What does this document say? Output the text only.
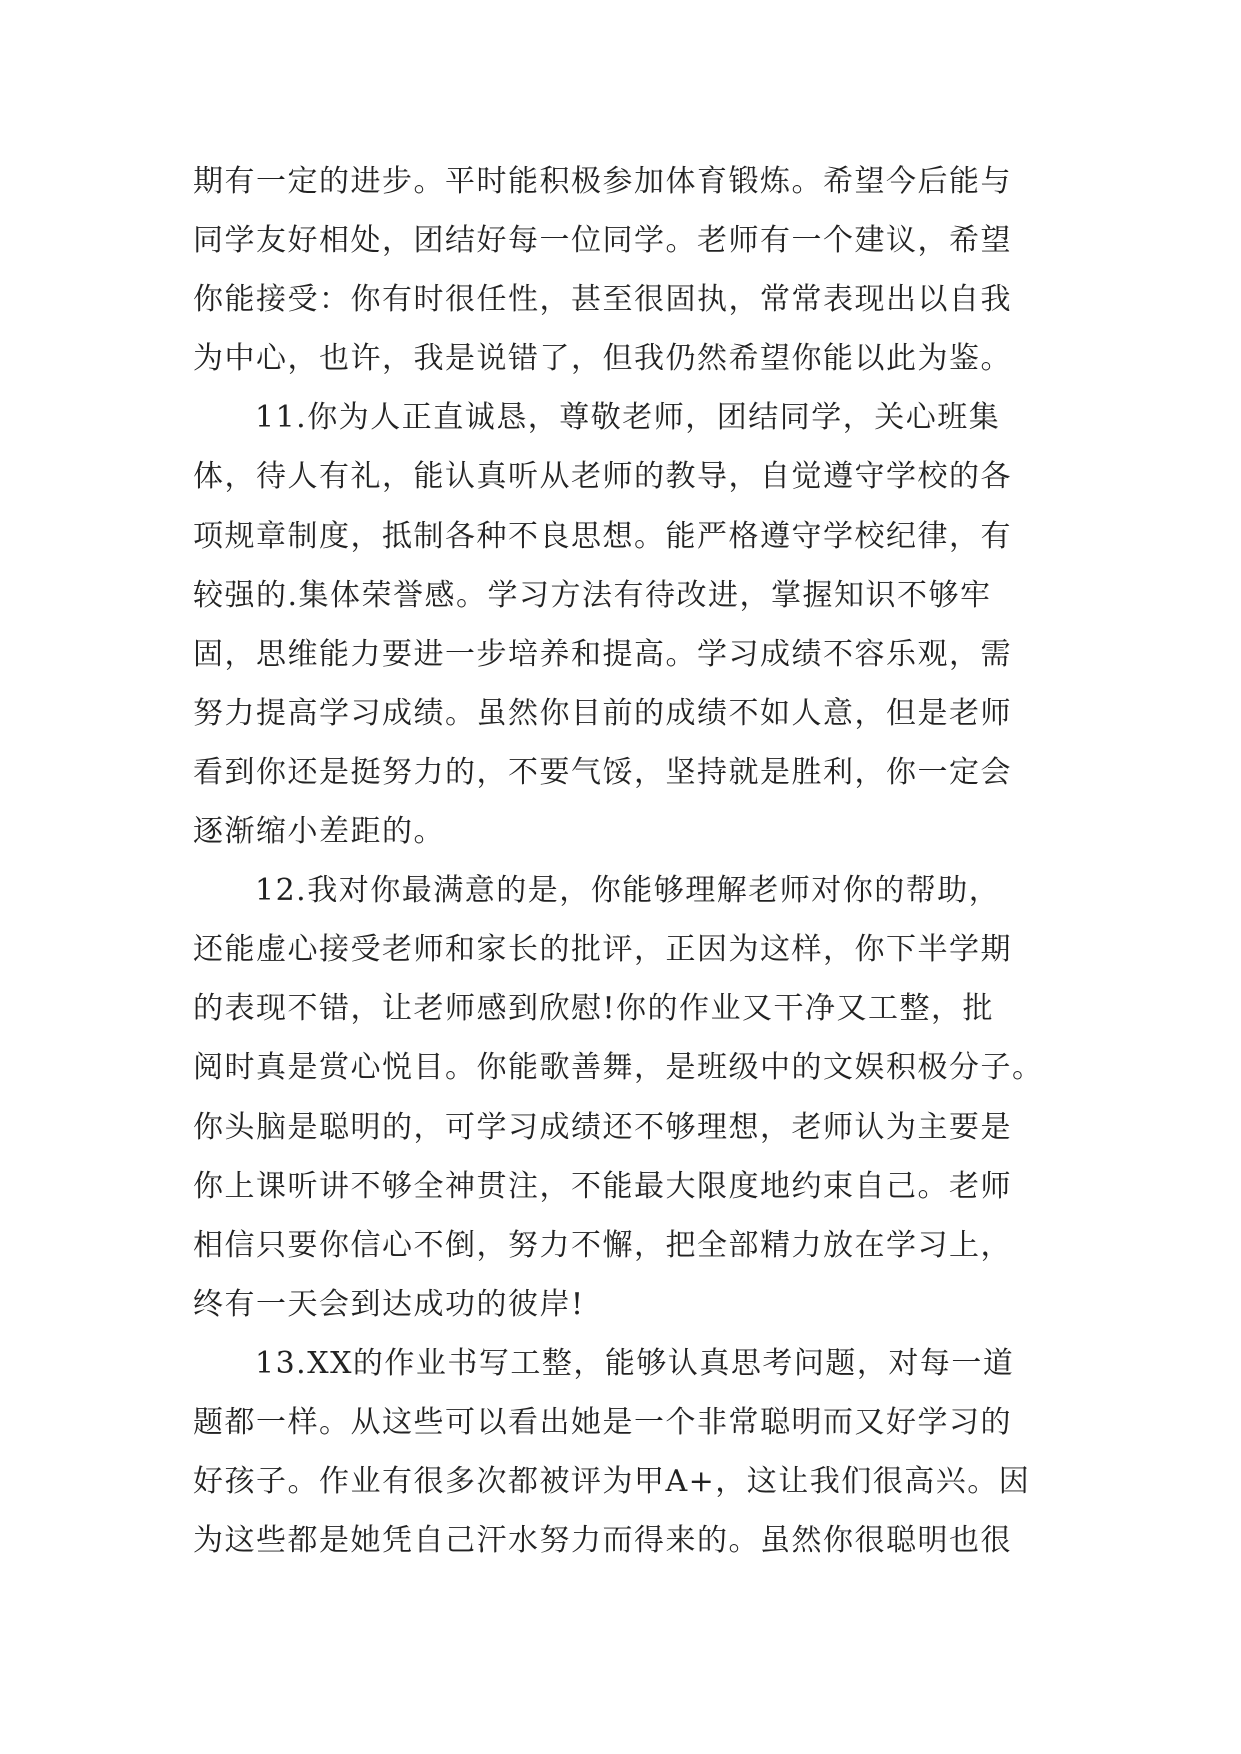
期有一定的进步。平时能积极参加体育锻炼。希望今后能与
同学友好相处，团结好每一位同学。老师有一个建议，希望
你能接受：你有时很任性，甚至很固执，常常表现出以自我
为中心，也许，我是说错了，但我仍然希望你能以此为鉴。
11.你为人正直诚恳，尊敬老师，团结同学，关心班集
体，待人有礼，能认真听从老师的教导，自觉遵守学校的各
项规章制度，抵制各种不良思想。能严格遵守学校纪律，有
较强的.集体荣誉感。学习方法有待改进，掌握知识不够牢
固，思维能力要进一步培养和提高。学习成绩不容乐观，需
努力提高学习成绩。虽然你目前的成绩不如人意，但是老师
看到你还是挺努力的，不要气馁，坚持就是胜利，你一定会
逐渐缩小差距的。
12.我对你最满意的是，你能够理解老师对你的帮助，
还能虚心接受老师和家长的批评，正因为这样，你下半学期
的表现不错，让老师感到欣慰!你的作业又干净又工整，批
阅时真是赏心悦目。你能歌善舞，是班级中的文娱积极分子。
你头脑是聪明的，可学习成绩还不够理想，老师认为主要是
你上课听讲不够全神贯注，不能最大限度地约束自己。老师
相信只要你信心不倒，努力不懈，把全部精力放在学习上，
终有一天会到达成功的彼岸!
13.XX的作业书写工整，能够认真思考问题，对每一道
题都一样。从这些可以看出她是一个非常聪明而又好学习的
好孩子。作业有很多次都被评为甲A+，这让我们很高兴。因
为这些都是她凭自己汗水努力而得来的。虽然你很聪明也很
